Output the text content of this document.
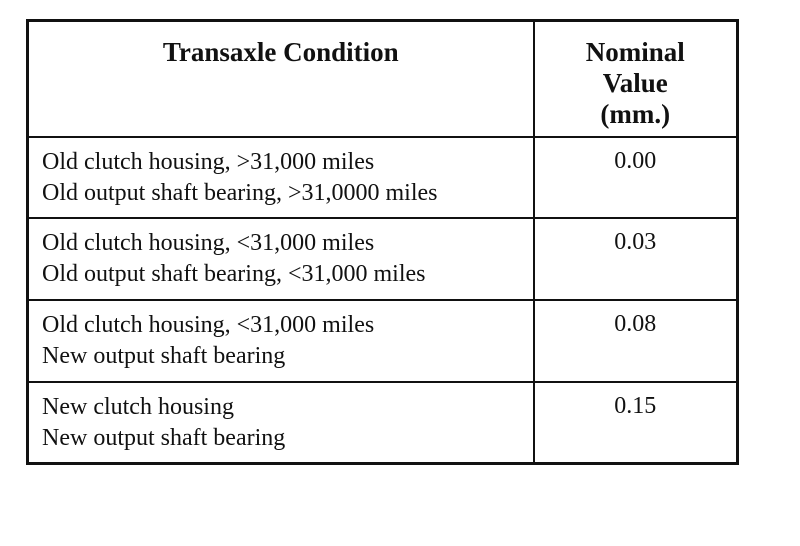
Transaxle Condition	Nominal
Value
(mm.)

Old clutch housing, >31,000 miles
Old output shaft bearing, >31,0000 miles	0.00

Old clutch housing, <31,000 miles
Old output shaft bearing, <31,000 miles	0.03

Old clutch housing, <31,000 miles
New output shaft bearing	0.08

New clutch housing
New output shaft bearing	0.15
